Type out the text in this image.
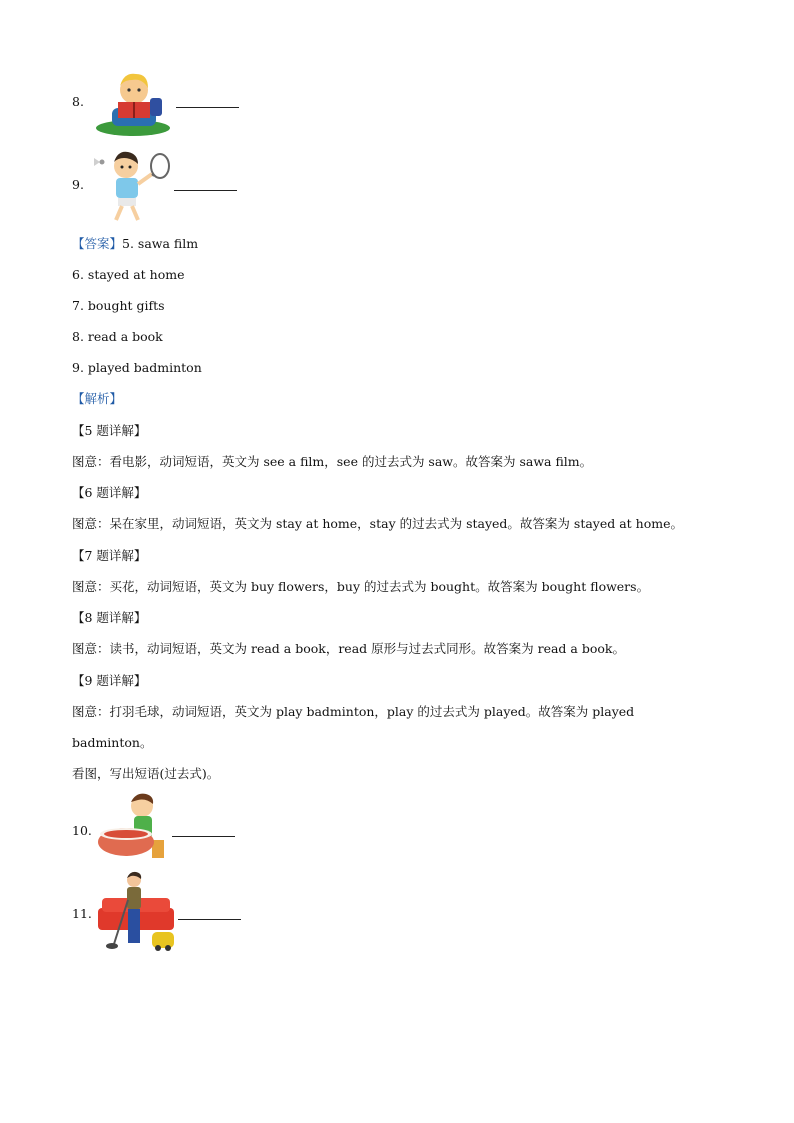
8.
9.
【答案】5. sawa film
6. stayed at home
7. bought gifts
8. read a book
9. played badminton
【解析】
【5 题详解】
图意：看电影，动词短语，英文为 see a film，see 的过去式为 saw。故答案为 sawa film。
【6 题详解】
图意：呆在家里，动词短语，英文为 stay at home，stay 的过去式为 stayed。故答案为 stayed at home。
【7 题详解】
图意：买花，动词短语，英文为 buy flowers，buy 的过去式为 bought。故答案为 bought flowers。
【8 题详解】
图意：读书，动词短语，英文为 read a book，read 原形与过去式同形。故答案为 read a book。
【9 题详解】
图意：打羽毛球，动词短语，英文为 play badminton，play 的过去式为 played。故答案为 played
badminton。
看图，写出短语(过去式)。
10.
11.
